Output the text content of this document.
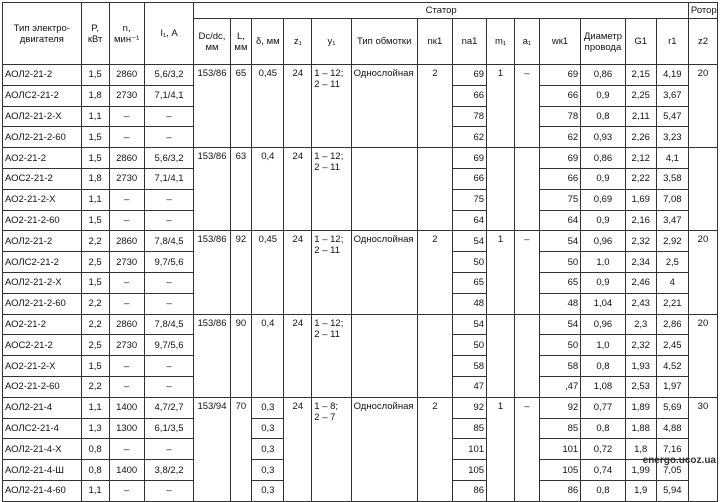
Тип электро-двигателя	P, кВт	n, мин⁻¹	I₁, А	Статор														Ротор
				Dc/dc, мм	L, мм	δ, мм	z₁	y₁	Тип обмотки	nк1	nа1	m₁	a₁	wк1	Диаметр провода	G1	r1	z2
АОЛ2-21-2	1,5	2860	5,6/3,2	153/86	65	0,45	24	1 – 12;
2 – 11	Однослойная	2	69	1	–	69	0,86	2,15	4,19	20
АОЛС2-21-2	1,8	2730	7,1/4,1								66			66	0,9	2,25	3,67	
АОЛ2-21-2-Х	1,1	–	–								78			78	0,8	2,11	5,47	
АОЛ2-21-2-60	1,5	–	–								62			62	0,93	2,26	3,23	
АО2-21-2	1,5	2860	5,6/3,2	153/86	63	0,4	24	1 – 12;
2 – 11			69			69	0,86	2,12	4,1	
АОС2-21-2	1,8	2730	7,1/4,1								66			66	0,9	2,22	3,58	
АО2-21-2-Х	1,1	–	–								75			75	0,69	1,69	7,08	
АО2-21-2-60	1,5	–	–								64			64	0,9	2,16	3,47	
АОЛ2-21-2	2,2	2860	7,8/4,5	153/86	92	0,45	24	1 – 12;
2 – 11	Однослойная	2	54	1	–	54	0,96	2,32	2,92	20
АОЛС2-21-2	2,5	2730	9,7/5,6								50			50	1,0	2,34	2,5	
АОЛ2-21-2-Х	1,5	–	–								65			65	0,9	2,46	4	
АОЛ2-21-2-60	2,2	–	–								48			48	1,04	2,43	2,21	
АО2-21-2	2,2	2860	7,8/4,5	153/86	90	0,4	24	1 – 12;
2 – 11			54			54	0,96	2,3	2,86	20
АОС2-21-2	2,5	2730	9,7/5,6								50			50	1,0	2,32	2,45	
АО2-21-2-Х	1,5	–	–								58			58	0,8	1,93	4,52	
АО2-21-2-60	2,2	–	–								47			,47	1,08	2,53	1,97	
АОЛ2-21-4	1,1	1400	4,7/2,7	153/94	70	0,3	24	1 – 8;
2 – 7	Однослойная	2	92	1	–	92	0,77	1,89	5,69	30
АОЛС2-21-4	1,3	1300	6,1/3,5			0,3					85			85	0,8	1,88	4,88	
АОЛ2-21-4-Х	0,8	–	–			0,3					101			101	0,72	1,8	7,16	
АОЛ2-21-4-Ш	0,8	1400	3,8/2,2			0,3					105			105	0,74	1,99	7,05	
АОЛ2-21-4-60	1,1	–	–			0,3					86			86	0,8	1,9	5,94	
energo.ucoz.ua
